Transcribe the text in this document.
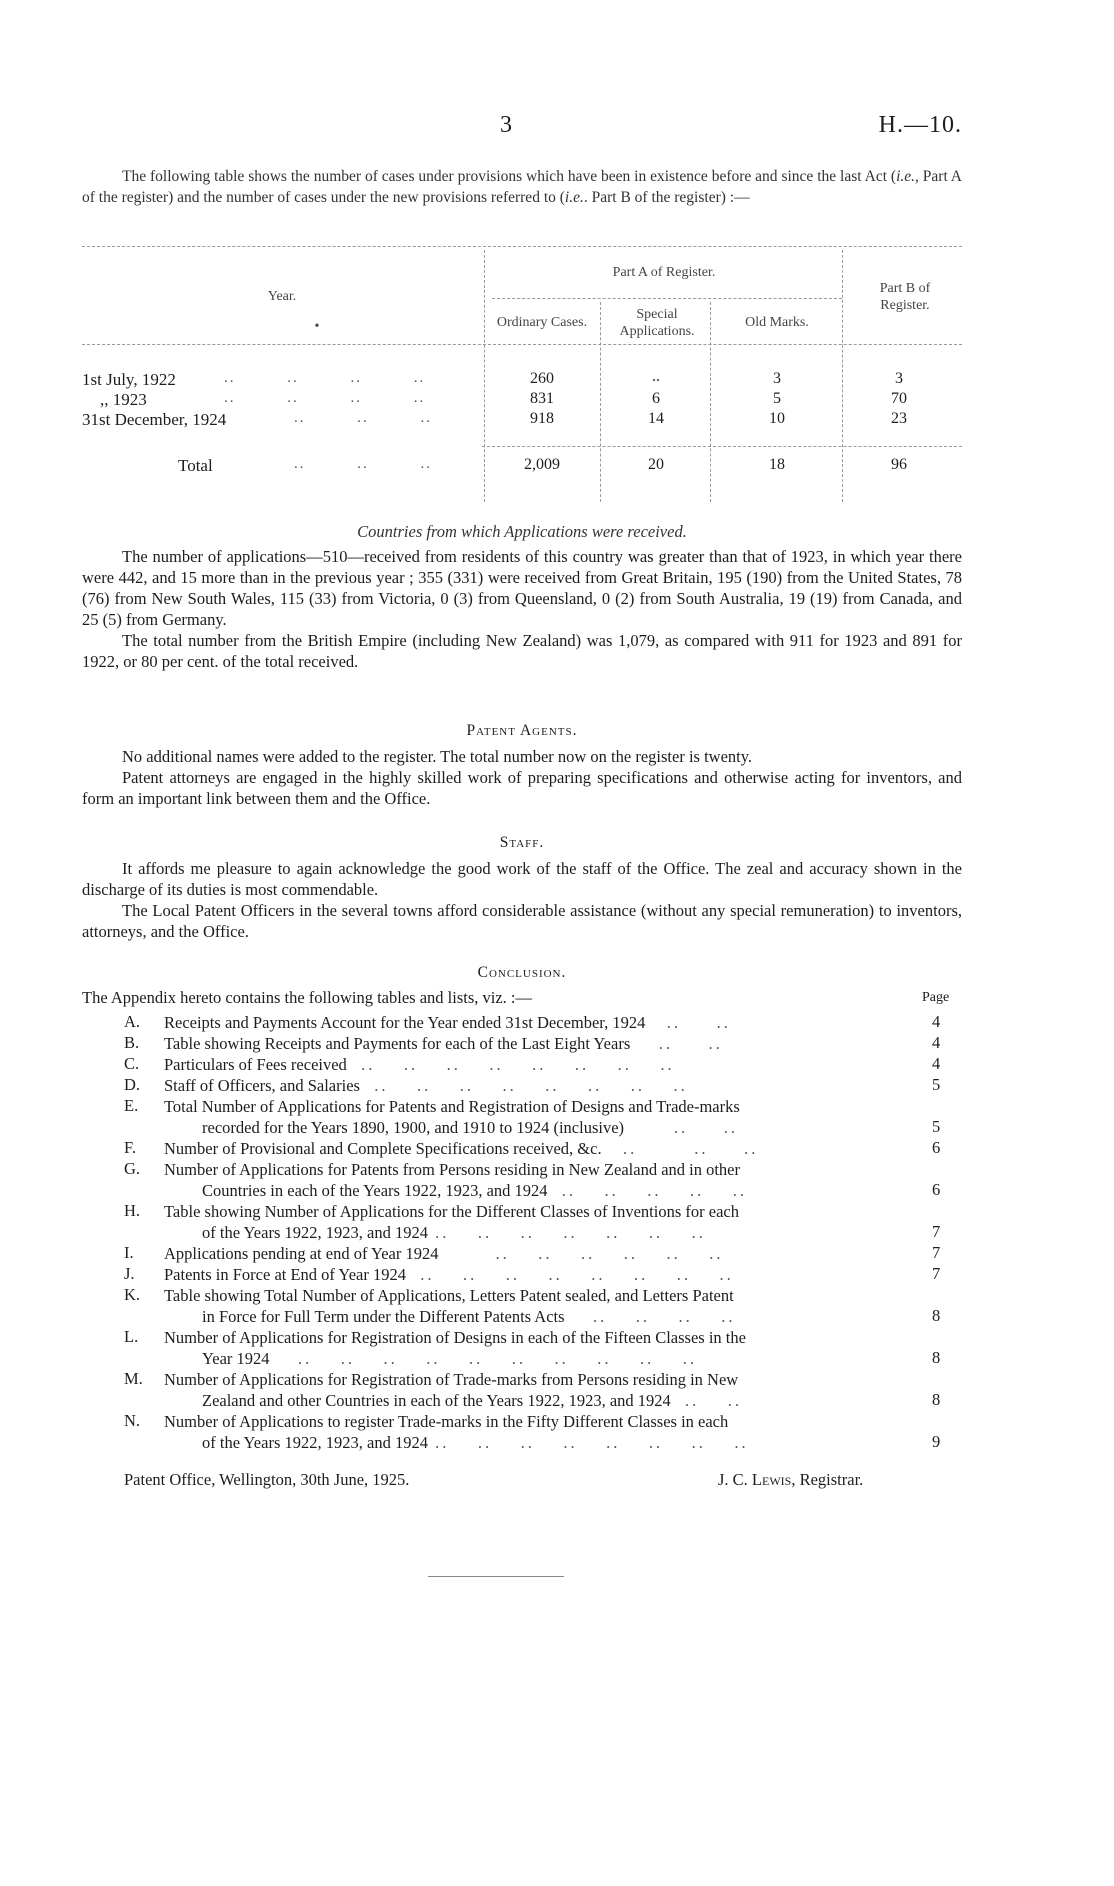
3	H.—10.

The following table shows the number of cases under provisions which have been in existence before and since the last Act (i.e., Part A of the register) and the number of cases under the new provisions referred to (i.e.. Part B of the register) :—

Year.
•
Part A of Register.
Ordinary Cases.
Special Applications.
Old Marks.
Part B of Register.
1st July, 1922	..         ..         ..         ..	260	..	3	3
,, 1923	..         ..         ..         ..	831	6	5	70
31st December, 1924	..         ..         ..	918	14	10	23
Total	..         ..         ..	2,009	20	18	96
Countries from which Applications were received.

The number of applications—510—received from residents of this country was greater than that of 1923, in which year there were 442, and 15 more than in the previous year ; 355 (331) were received from Great Britain, 195 (190) from the United States, 78 (76) from New South Wales, 115 (33) from Victoria, 0 (3) from Queensland, 0 (2) from South Australia, 19 (19) from Canada, and 25 (5) from Germany.

The total number from the British Empire (including New Zealand) was 1,079, as compared with 911 for 1923 and 891 for 1922, or 80 per cent. of the total received.

Patent Agents.

No additional names were added to the register. The total number now on the register is twenty.

Patent attorneys are engaged in the highly skilled work of preparing specifications and otherwise acting for inventors, and form an important link between them and the Office.

Staff.

It affords me pleasure to again acknowledge the good work of the staff of the Office. The zeal and accuracy shown in the discharge of its duties is most commendable.

The Local Patent Officers in the several towns afford considerable assistance (without any special remuneration) to inventors, attorneys, and the Office.

Conclusion.
The Appendix hereto contains the following tables and lists, viz. :—	Page
A. Receipts and Payments Account for the Year ended 31st December, 1924   ..     ..	4
B. Table showing Receipts and Payments for each of the Last Eight Years    ..     ..	4
C. Particulars of Fees received  ..    ..    ..    ..    ..    ..    ..    ..	4
D. Staff of Officers, and Salaries  ..    ..    ..    ..    ..    ..    ..    ..	5
E. Total Number of Applications for Patents and Registration of Designs and Trade-marks
recorded for the Years 1890, 1900, and 1910 to 1924 (inclusive)       ..     ..	5
F. Number of Provisional and Complete Specifications received, &c.   ..        ..     ..	6
G. Number of Applications for Patents from Persons residing in New Zealand and in other
Countries in each of the Years 1922, 1923, and 1924  ..    ..    ..    ..    ..	6
H. Table showing Number of Applications for the Different Classes of Inventions for each
of the Years 1922, 1923, and 1924 ..    ..    ..    ..    ..    ..    ..	7
I. Applications pending at end of Year 1924        ..    ..    ..    ..    ..    ..	7
J. Patents in Force at End of Year 1924  ..    ..    ..    ..    ..    ..    ..    ..	7
K. Table showing Total Number of Applications, Letters Patent sealed, and Letters Patent
in Force for Full Term under the Different Patents Acts    ..    ..    ..    ..	8
L. Number of Applications for Registration of Designs in each of the Fifteen Classes in the
Year 1924    ..    ..    ..    ..    ..    ..    ..    ..    ..    ..	8
M. Number of Applications for Registration of Trade-marks from Persons residing in New
Zealand and other Countries in each of the Years 1922, 1923, and 1924  ..    ..	8
N. Number of Applications to register Trade-marks in the Fifty Different Classes in each
of the Years 1922, 1923, and 1924 ..    ..    ..    ..    ..    ..    ..    ..	9
Patent Office, Wellington, 30th June, 1925.	J. C. Lewis, Registrar.
